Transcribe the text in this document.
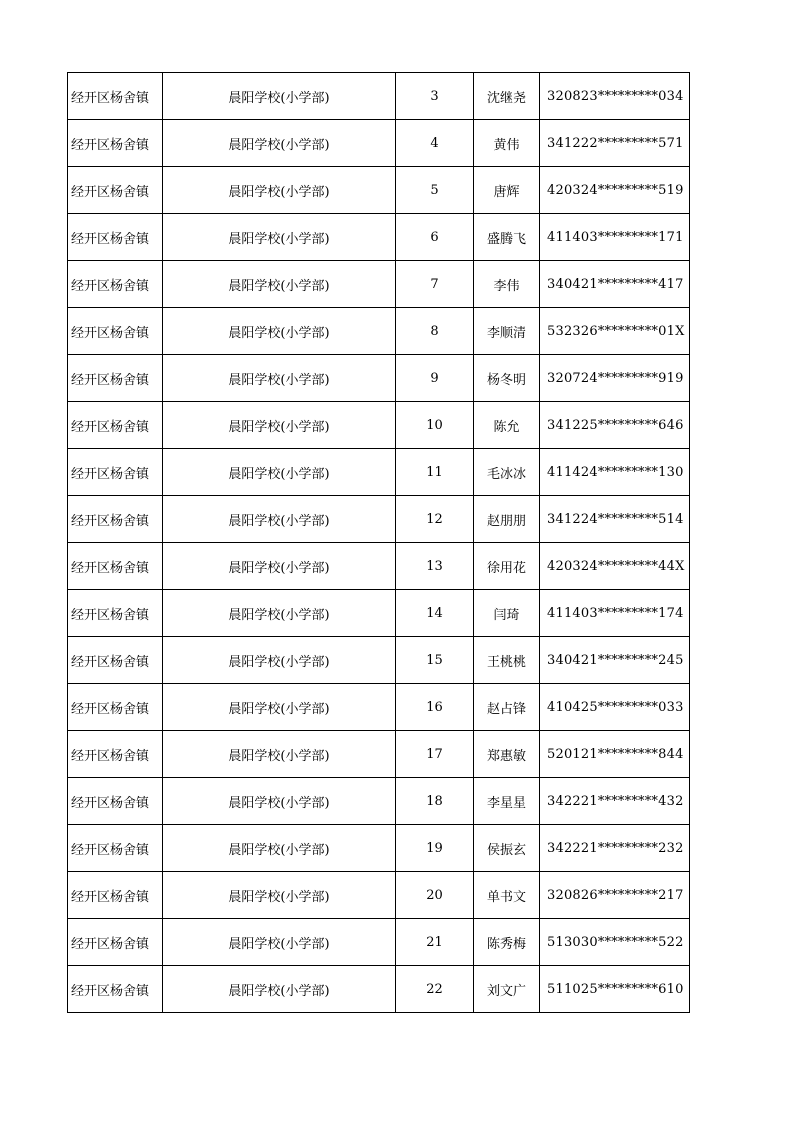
经开区杨舍镇	晨阳学校(小学部)	3	沈继尧	320823*********034
经开区杨舍镇	晨阳学校(小学部)	4	黄伟	341222*********571
经开区杨舍镇	晨阳学校(小学部)	5	唐辉	420324*********519
经开区杨舍镇	晨阳学校(小学部)	6	盛腾飞	411403*********171
经开区杨舍镇	晨阳学校(小学部)	7	李伟	340421*********417
经开区杨舍镇	晨阳学校(小学部)	8	李顺清	532326*********01X
经开区杨舍镇	晨阳学校(小学部)	9	杨冬明	320724*********919
经开区杨舍镇	晨阳学校(小学部)	10	陈允	341225*********646
经开区杨舍镇	晨阳学校(小学部)	11	毛冰冰	411424*********130
经开区杨舍镇	晨阳学校(小学部)	12	赵朋朋	341224*********514
经开区杨舍镇	晨阳学校(小学部)	13	徐用花	420324*********44X
经开区杨舍镇	晨阳学校(小学部)	14	闫琦	411403*********174
经开区杨舍镇	晨阳学校(小学部)	15	王桃桃	340421*********245
经开区杨舍镇	晨阳学校(小学部)	16	赵占锋	410425*********033
经开区杨舍镇	晨阳学校(小学部)	17	郑惠敏	520121*********844
经开区杨舍镇	晨阳学校(小学部)	18	李星星	342221*********432
经开区杨舍镇	晨阳学校(小学部)	19	侯振玄	342221*********232
经开区杨舍镇	晨阳学校(小学部)	20	单书文	320826*********217
经开区杨舍镇	晨阳学校(小学部)	21	陈秀梅	513030*********522
经开区杨舍镇	晨阳学校(小学部)	22	刘文广	511025*********610
